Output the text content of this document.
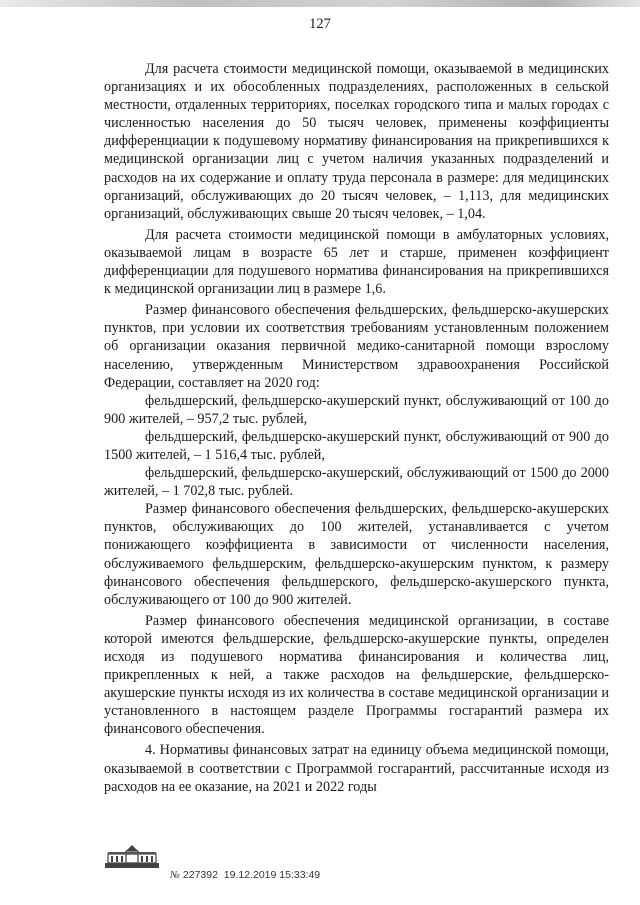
127

Для расчета стоимости медицинской помощи, оказываемой в медицинских организациях и их обособленных подразделениях, расположенных в сельской местности, отдаленных территориях, поселках городского типа и малых городах с численностью населения до 50 тысяч человек, применены коэффициенты дифференциации к подушевому нормативу финансирования на прикрепившихся к медицинской организации лиц с учетом наличия указанных подразделений и расходов на их содержание и оплату труда персонала в размере: для медицинских организаций, обслуживающих до 20 тысяч человек, – 1,113, для медицинских организаций, обслуживающих свыше 20 тысяч человек, – 1,04.

Для расчета стоимости медицинской помощи в амбулаторных условиях, оказываемой лицам в возрасте 65 лет и старше, применен коэффициент дифференциации для подушевого норматива финансирования на прикрепившихся к медицинской организации лиц в размере 1,6.

Размер финансового обеспечения фельдшерских, фельдшерско-акушерских пунктов, при условии их соответствия требованиям установленным положением об организации оказания первичной медико-санитарной помощи взрослому населению, утвержденным Министерством здравоохранения Российской Федерации, составляет на 2020 год:

фельдшерский, фельдшерско-акушерский пункт, обслуживающий от 100 до 900 жителей, – 957,2 тыс. рублей,

фельдшерский, фельдшерско-акушерский пункт, обслуживающий от 900 до 1500 жителей, – 1 516,4 тыс. рублей,

фельдшерский, фельдшерско-акушерский, обслуживающий от 1500 до 2000 жителей, – 1 702,8 тыс. рублей.

Размер финансового обеспечения фельдшерских, фельдшерско-акушерских пунктов, обслуживающих до 100 жителей, устанавливается с учетом понижающего коэффициента в зависимости от численности населения, обслуживаемого фельдшерским, фельдшерско-акушерским пунктом, к размеру финансового обеспечения фельдшерского, фельдшерско-акушерского пункта, обслуживающего от 100 до 900 жителей.

Размер финансового обеспечения медицинской организации, в составе которой имеются фельдшерские, фельдшерско-акушерские пункты, определен исходя из подушевого норматива финансирования и количества лиц, прикрепленных к ней, а также расходов на фельдшерские, фельдшерско-акушерские пункты исходя из их количества в составе медицинской организации и установленного в настоящем разделе Программы госгарантий размера их финансового обеспечения.

4. Нормативы финансовых затрат на единицу объема медицинской помощи, оказываемой в соответствии с Программой госгарантий, рассчитанные исходя из расходов на ее оказание, на 2021 и 2022 годы

№ 227392 19.12.2019 15:33:49
